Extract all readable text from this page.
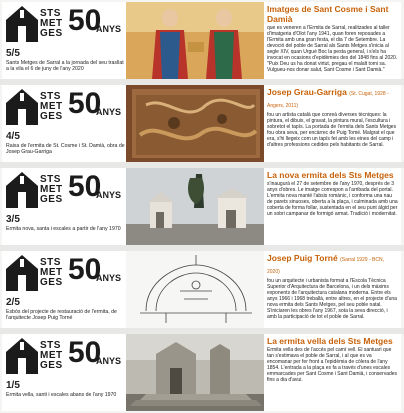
STS
MET
GES 50
ANYS
5/5
Sants Metges de Sarral a la jornada del seu trasllat a la vila el 6 de juny de l'any 2020
Imatges de Sant Cosme i Sant Damià
que es veneren a l'Ermita de Sarral, realitzades al taller d'imatgeria d'Olot l'any 1941, quan foren reposades a l'Ermita amb una gran festa, el dia 7 de Setembre. La devoció del poble de Sarral als Sants Metges s'inicia al segle XIV, quan Urgué Boc la pesta general, i s'els ha invocat en ocasions d'epidèmies des del 1848 fins al 2020. "Puix Deu us ha donat virtut, pregau el malalt tomi sa. Vulgueu-nos donar salut, Sant Cosme i Sant Damià."
STS
MET
GES 50
ANYS
4/5
Raixa de l'ermita de St. Cosme i St. Damià, obra de Josep Grau-Garriga
Josep Grau-Garriga (St. Cugat, 1928 - Angers, 2011)
fou un artista català que conreà diverses tècniques: la pintura, el dibuix, el gravat, la pintura mural, l'escultura i sobretot el tapís. La portada de l'ermita dels Sants Metges fou obra seva, per encàrrec de Puig Tomé. Malgrat el que era, s'hi llegeix com un tapís fet amb les eines del camp i d'altres professions cedides pels habitants de Sarral.
STS
MET
GES 50
ANYS
3/5
Ermita nova, santa i escales a partir de l'any 1970
La nova ermita dels Sts Metges
s'inaugurà el 27 de setembre de l'any 1970, després de 3 anys d'obres. Le imatge correspon a l'arribada del portal. L'ermita nova manté l'absis romànic, i conforma una nau de parets sinuoses, oberta a la plaça, i culminada amb una coberta de forma follar, sustentada en el seu punt àlgid per un sobri campanar de formigó armat. Tradició i modernitat.
STS
MET
GES 50
ANYS
2/5
Esbós del projecte de restauració de l'ermita, de l'arquitecte Josep Puig Torné
Josep Puig Torné (Sarral 1929 - BCN, 2020)
fou un arquitecte i urbanista format a l'Escola Tècnica Superior d'Arquitectura de Barcelona, i un dels màxims exponents de l'arquitectura catalana moderna. Entre els anys 1966 i 1968 treballà, entre altres, en el projecte d'una nova ermita dels Sants Metges, pel seu poble natal. S'iniciaren les obres l'any 1967, sota la seva direcció, i amb la participació de tot el poble de Sarral.
STS
MET
GES 50
ANYS
1/5
Ermita vella, santi i escales abans de l'any 1970
La ermita vella dels Sts Metges
Ermita vella des de l'accés pel camí vell. El santuari que tan s'estimava el poble de Sarral, i al que es va encomanar per fer front a l'epidèmia de còlera de l'any 1854. L'entrada a la plaça es fa a través d'unes escales emmarcades per Sant Cosme i Sant Damià, i conservades fins a dia d'avui.
